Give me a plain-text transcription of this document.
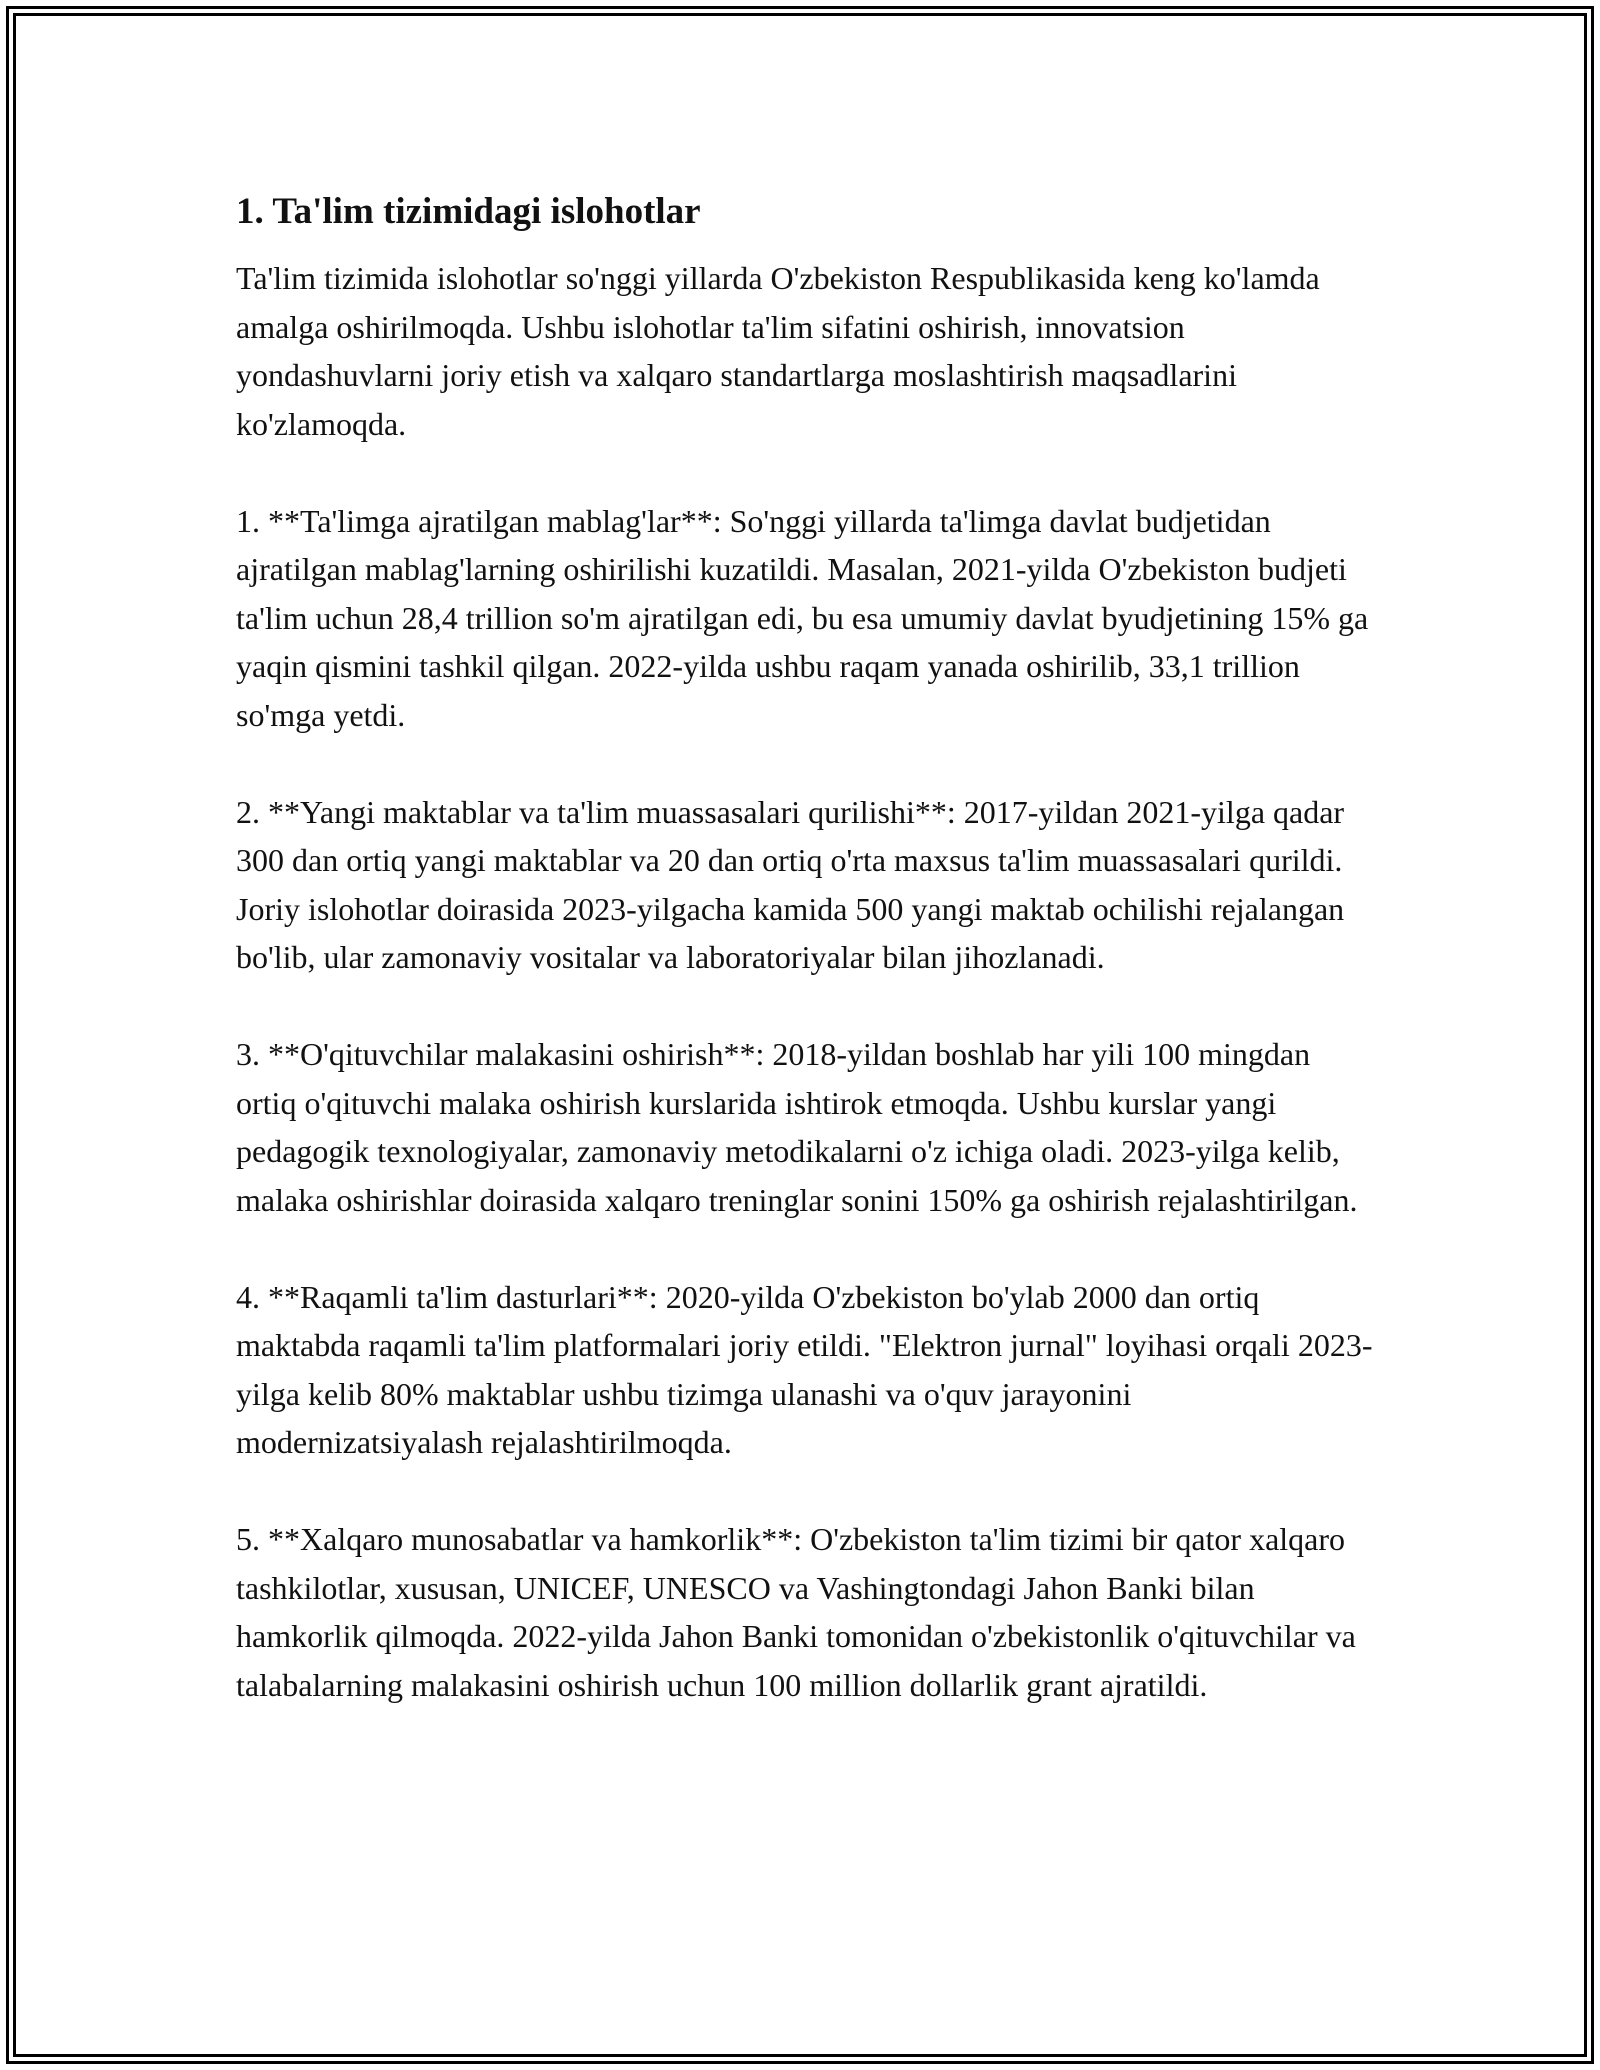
1. Ta'lim tizimidagi islohotlar

Ta'lim tizimida islohotlar so'nggi yillarda O'zbekiston Respublikasida keng ko'lamda amalga oshirilmoqda. Ushbu islohotlar ta'lim sifatini oshirish, innovatsion yondashuvlarni joriy etish va xalqaro standartlarga moslashtirish maqsadlarini ko'zlamoqda.

1. **Ta'limga ajratilgan mablag'lar**: So'nggi yillarda ta'limga davlat budjetidan ajratilgan mablag'larning oshirilishi kuzatildi. Masalan, 2021-yilda O'zbekiston budjeti ta'lim uchun 28,4 trillion so'm ajratilgan edi, bu esa umumiy davlat byudjetining 15% ga yaqin qismini tashkil qilgan. 2022-yilda ushbu raqam yanada oshirilib, 33,1 trillion so'mga yetdi.

2. **Yangi maktablar va ta'lim muassasalari qurilishi**: 2017-yildan 2021-yilga qadar 300 dan ortiq yangi maktablar va 20 dan ortiq o'rta maxsus ta'lim muassasalari qurildi. Joriy islohotlar doirasida 2023-yilgacha kamida 500 yangi maktab ochilishi rejalangan bo'lib, ular zamonaviy vositalar va laboratoriyalar bilan jihozlanadi.

3. **O'qituvchilar malakasini oshirish**: 2018-yildan boshlab har yili 100 mingdan ortiq o'qituvchi malaka oshirish kurslarida ishtirok etmoqda. Ushbu kurslar yangi pedagogik texnologiyalar, zamonaviy metodikalarni o'z ichiga oladi. 2023-yilga kelib, malaka oshirishlar doirasida xalqaro treninglar sonini 150% ga oshirish rejalashtirilgan.

4. **Raqamli ta'lim dasturlari**: 2020-yilda O'zbekiston bo'ylab 2000 dan ortiq maktabda raqamli ta'lim platformalari joriy etildi. "Elektron jurnal" loyihasi orqali 2023-yilga kelib 80% maktablar ushbu tizimga ulanashi va o'quv jarayonini modernizatsiyalash rejalashtirilmoqda.

5. **Xalqaro munosabatlar va hamkorlik**: O'zbekiston ta'lim tizimi bir qator xalqaro tashkilotlar, xususan, UNICEF, UNESCO va Vashingtondagi Jahon Banki bilan hamkorlik qilmoqda. 2022-yilda Jahon Banki tomonidan o'zbekistonlik o'qituvchilar va talabalarning malakasini oshirish uchun 100 million dollarlik grant ajratildi.
